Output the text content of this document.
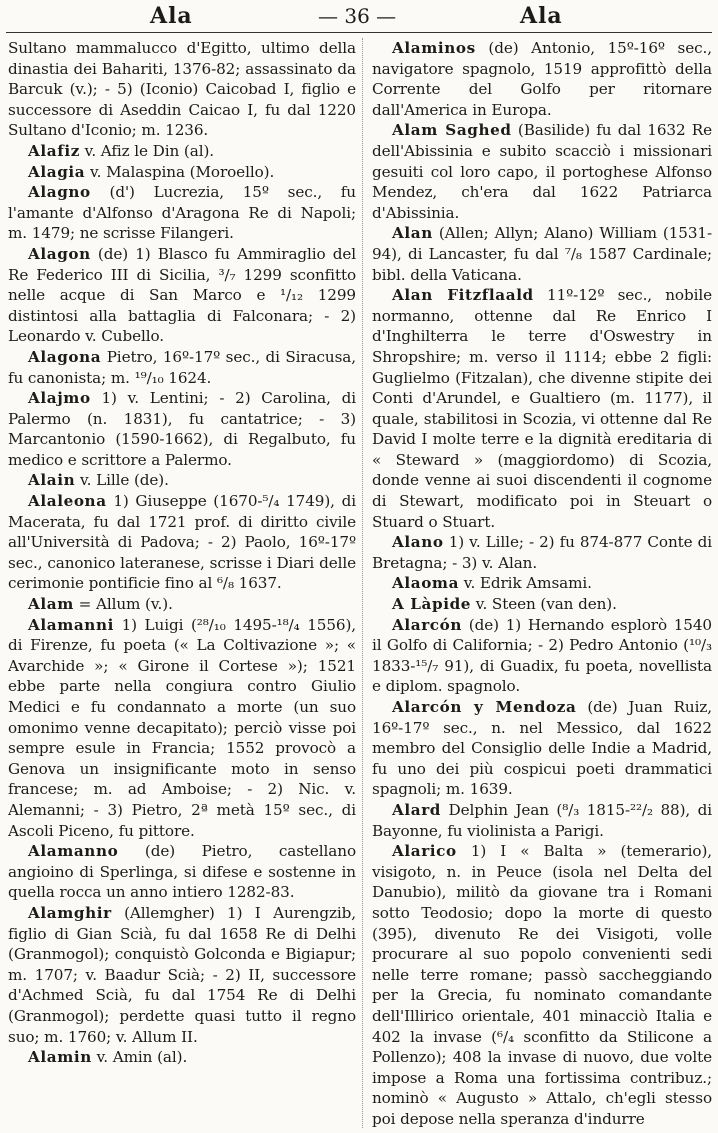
Ala	— 36 —	Ala

Sultano mammalucco d'Egitto, ultimo della dinastia dei Bahariti, 1376-82; assassinato da Barcuk (v.); - 5) (Iconio) Caicobad I, figlio e successore di Aseddin Caicao I, fu dal 1220 Sultano d'Iconio; m. 1236.

Alafiz v. Afiz le Din (al).

Alagia v. Malaspina (Moroello).

Alagno (d') Lucrezia, 15º sec., fu l'amante d'Alfonso d'Aragona Re di Napoli; m. 1479; ne scrisse Filangeri.

Alagon (de) 1) Blasco fu Ammiraglio del Re Federico III di Sicilia, ³/₇ 1299 sconfitto nelle acque di San Marco e ¹/₁₂ 1299 distintosi alla battaglia di Falconara; - 2) Leonardo v. Cubello.

Alagona Pietro, 16º-17º sec., di Siracusa, fu canonista; m. ¹⁹/₁₀ 1624.

Alajmo 1) v. Lentini; - 2) Carolina, di Palermo (n. 1831), fu cantatrice; - 3) Marcantonio (1590-1662), di Regalbuto, fu medico e scrittore a Palermo.

Alain v. Lille (de).

Alaleona 1) Giuseppe (1670-⁵/₄ 1749), di Macerata, fu dal 1721 prof. di diritto civile all'Università di Padova; - 2) Paolo, 16º-17º sec., canonico lateranese, scrisse i Diari delle cerimonie pontificie fino al ⁶/₈ 1637.

Alam = Allum (v.).

Alamanni 1) Luigi (²⁸/₁₀ 1495-¹⁸/₄ 1556), di Firenze, fu poeta (« La Coltivazione »; « Avarchide »; « Girone il Cortese »); 1521 ebbe parte nella congiura contro Giulio Medici e fu condannato a morte (un suo omonimo venne decapitato); perciò visse poi sempre esule in Francia; 1552 provocò a Genova un insignificante moto in senso francese; m. ad Amboise; - 2) Nic. v. Alemanni; - 3) Pietro, 2ª metà 15º sec., di Ascoli Piceno, fu pittore.

Alamanno (de) Pietro, castellano angioino di Sperlinga, si difese e sostenne in quella rocca un anno intiero 1282-83.

Alamghir (Allemgher) 1) I Aurengzib, figlio di Gian Scià, fu dal 1658 Re di Delhi (Granmogol); conquistò Golconda e Bigiapur; m. 1707; v. Baadur Scià; - 2) II, successore d'Achmed Scià, fu dal 1754 Re di Delhi (Granmogol); perdette quasi tutto il regno suo; m. 1760; v. Allum II.

Alamin v. Amin (al).

Alaminos (de) Antonio, 15º-16º sec., navigatore spagnolo, 1519 approfittò della Corrente del Golfo per ritornare dall'America in Europa.

Alam Saghed (Basilide) fu dal 1632 Re dell'Abissinia e subito scacciò i missionari gesuiti col loro capo, il portoghese Alfonso Mendez, ch'era dal 1622 Patriarca d'Abissinia.

Alan (Allen; Allyn; Alano) William (1531-94), di Lancaster, fu dal ⁷/₈ 1587 Cardinale; bibl. della Vaticana.

Alan Fitzflaald 11º-12º sec., nobile normanno, ottenne dal Re Enrico I d'Inghilterra le terre d'Oswestry in Shropshire; m. verso il 1114; ebbe 2 figli: Guglielmo (Fitzalan), che divenne stipite dei Conti d'Arundel, e Gualtiero (m. 1177), il quale, stabilitosi in Scozia, vi ottenne dal Re David I molte terre e la dignità ereditaria di « Steward » (maggiordomo) di Scozia, donde venne ai suoi discendenti il cognome di Stewart, modificato poi in Steuart o Stuard o Stuart.

Alano 1) v. Lille; - 2) fu 874-877 Conte di Bretagna; - 3) v. Alan.

Alaoma v. Edrik Amsami.

A Làpide v. Steen (van den).

Alarcón (de) 1) Hernando esplorò 1540 il Golfo di California; - 2) Pedro Antonio (¹⁰/₃ 1833-¹⁵/₇ 91), di Guadix, fu poeta, novellista e diplom. spagnolo.

Alarcón y Mendoza (de) Juan Ruiz, 16º-17º sec., n. nel Messico, dal 1622 membro del Consiglio delle Indie a Madrid, fu uno dei più cospicui poeti drammatici spagnoli; m. 1639.

Alard Delphin Jean (⁸/₃ 1815-²²/₂ 88), di Bayonne, fu violinista a Parigi.

Alarico 1) I « Balta » (temerario), visigoto, n. in Peuce (isola nel Delta del Danubio), militò da giovane tra i Romani sotto Teodosio; dopo la morte di questo (395), divenuto Re dei Visigoti, volle procurare al suo popolo convenienti sedi nelle terre romane; passò saccheggiando per la Grecia, fu nominato comandante dell'Illirico orientale, 401 minacciò Italia e 402 la invase (⁶/₄ sconfitto da Stilicone a Pollenzo); 408 la invase di nuovo, due volte impose a Roma una fortissima contribuz.; nominò « Augusto » Attalo, ch'egli stesso poi depose nella speranza d'indurre
